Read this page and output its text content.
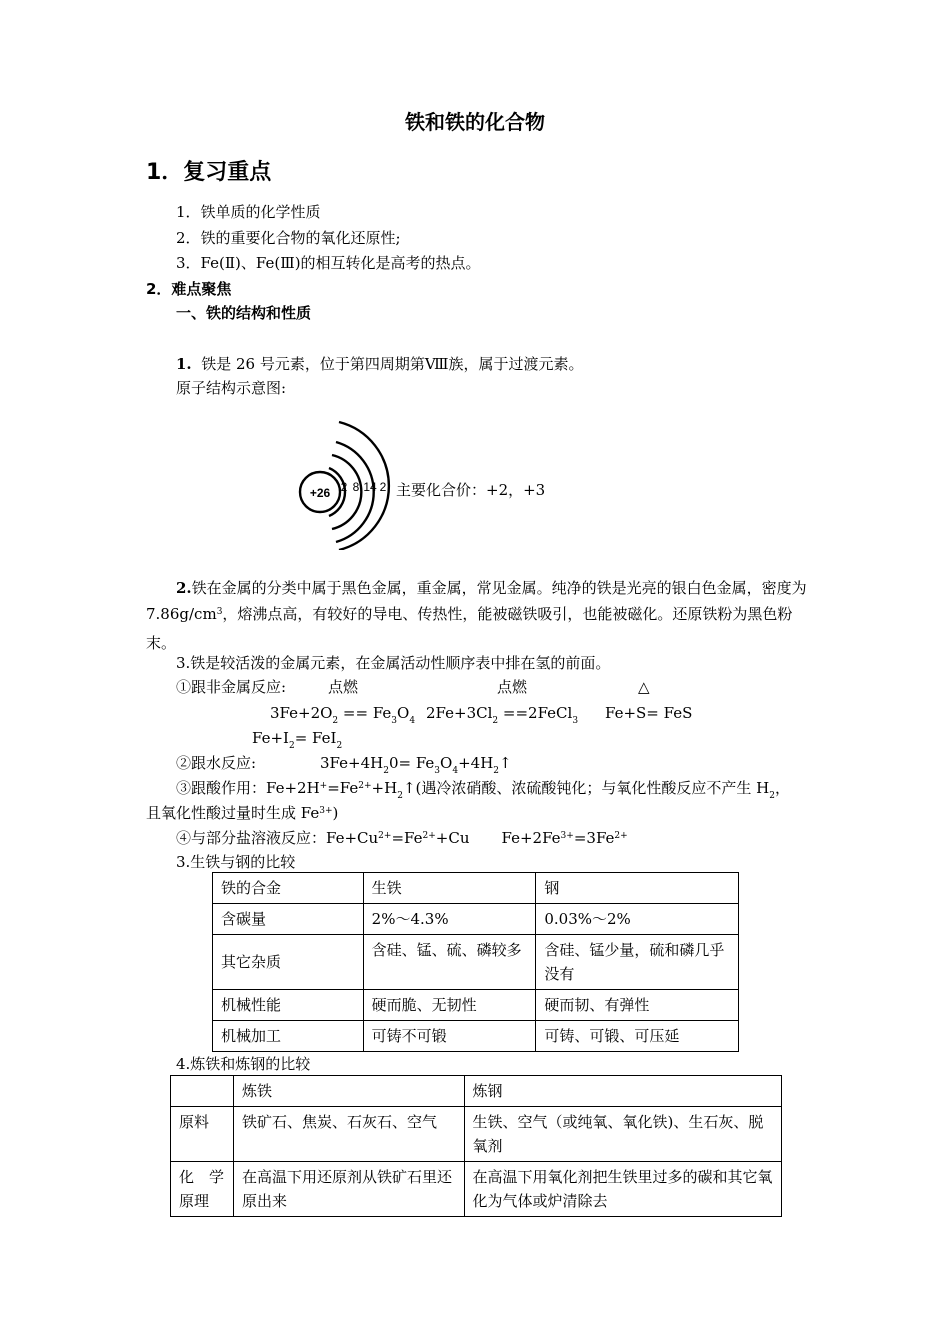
铁和铁的化合物
1．复习重点
1．铁单质的化学性质
2．铁的重要化合物的氧化还原性;
3．Fe(Ⅱ)、Fe(Ⅲ)的相互转化是高考的热点。
2．难点聚焦
一、铁的结构和性质
1. 铁是 26 号元素，位于第四周期第Ⅷ族，属于过渡元素。
原子结构示意图:
+26 2 8 14 2 主要化合价：+2，+3
2.铁在金属的分类中属于黑色金属，重金属，常见金属。纯净的铁是光亮的银白色金属，密度为 $7.86g/cm^3$，熔沸点高，有较好的导电、传热性，能被磁铁吸引，也能被磁化。还原铁粉为黑色粉末。
3.铁是较活泼的金属元素，在金属活动性顺序表中排在氢的前面。
①跟非金属反应:	点燃	点燃	△
$3Fe+2O_2 == Fe_3O_4$ $2Fe+3Cl_2$ ==2FeCl$_3$ Fe+S= FeS
$Fe+I_2= FeI_2$
②跟水反应:	$3Fe+4H_20=$ $Fe_3O_4+4H_2↑$
③跟酸作用：$Fe+2H^+=Fe^{2+}+H_2↑$(遇冷浓硝酸、浓硫酸钝化；与氧化性酸反应不产生 $H_2$，
且氧化性酸过量时生成 $Fe^{3+}$)
④与部分盐溶液反应：$Fe+Cu^{2+}=Fe^{2+}+Cu$ $Fe+2Fe^{3+}=3Fe^{2+}$
3.生铁与钢的比较
铁的合金	生铁	钢
含碳量	2%～4.3%	0.03%～2%
其它杂质	含硅、锰、硫、磷较多	含硅、锰少量，硫和磷几乎没有
机械性能	硬而脆、无韧性	硬而韧、有弹性
机械加工	可铸不可锻	可铸、可锻、可压延
4.炼铁和炼钢的比较
	炼铁	炼钢
原料	铁矿石、焦炭、石灰石、空气	生铁、空气（或纯氧、氧化铁)、生石灰、脱氧剂
化　学原理	在高温下用还原剂从铁矿石里还原出来	在高温下用氧化剂把生铁里过多的碳和其它氧化为气体或炉清除去
